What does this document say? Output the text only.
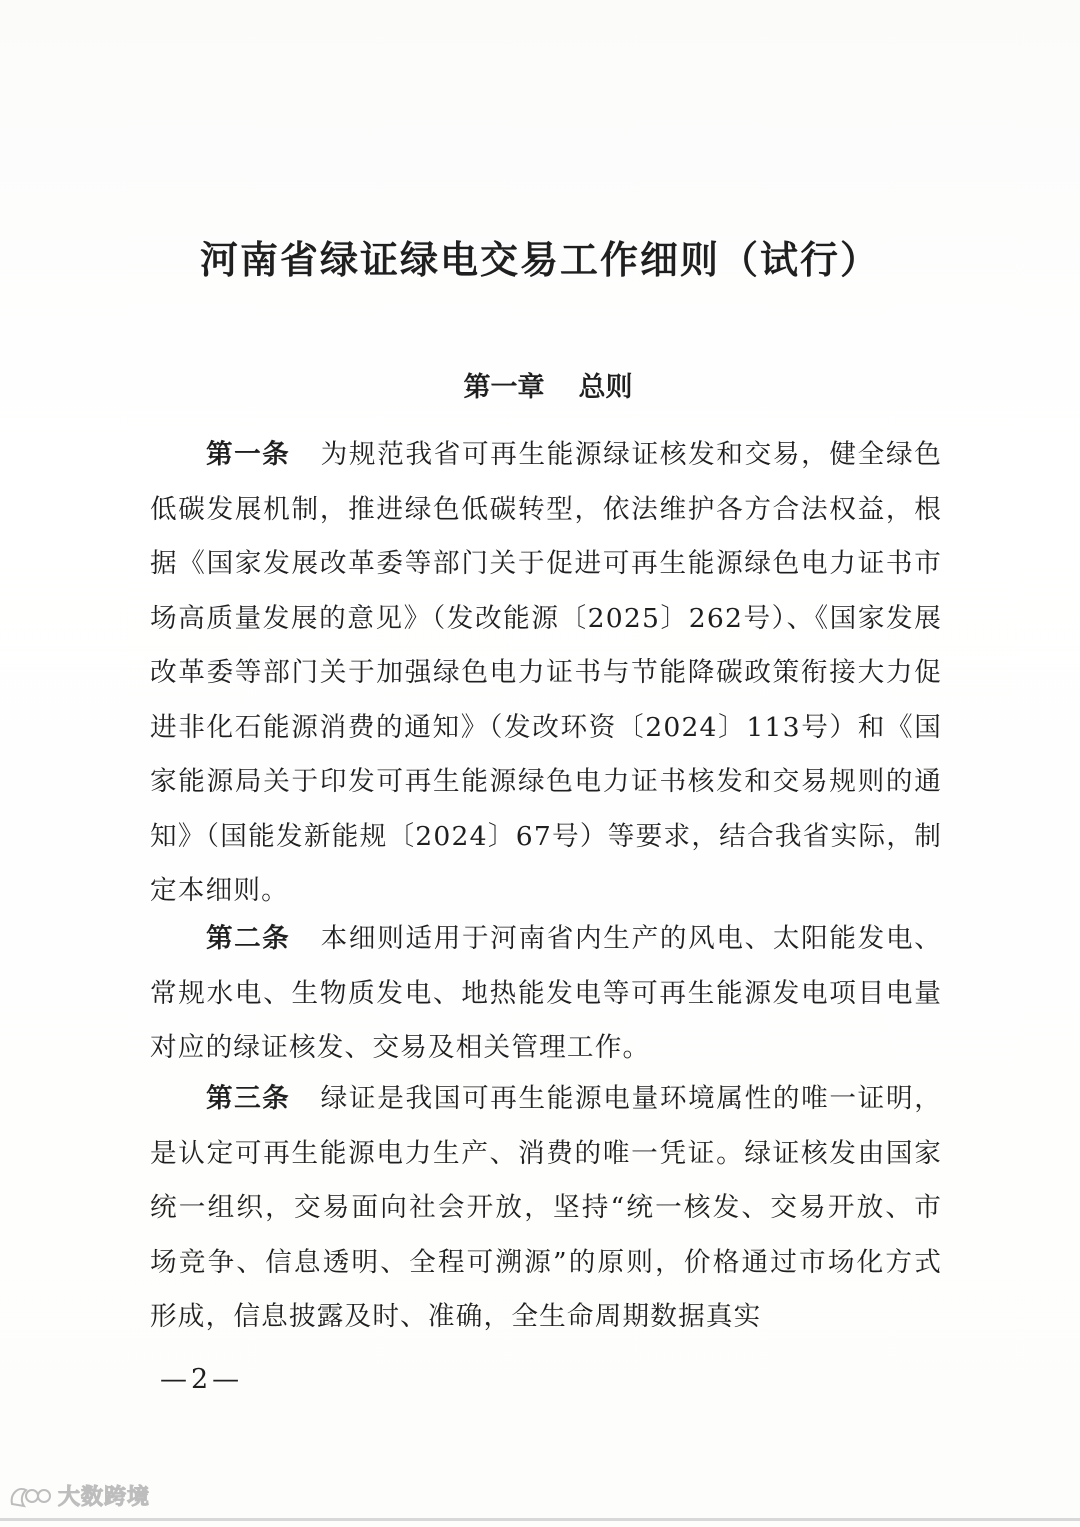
河南省绿证绿电交易工作细则（试行）
第一章 总则

第一条 为规范我省可再生能源绿证核发和交易，健全绿色低碳发展机制，推进绿色低碳转型，依法维护各方合法权益，根据《国家发展改革委等部门关于促进可再生能源绿色电力证书市场高质量发展的意见》（发改能源〔2025〕262号）、《国家发展改革委等部门关于加强绿色电力证书与节能降碳政策衔接大力促进非化石能源消费的通知》（发改环资〔2024〕113号）和《国家能源局关于印发可再生能源绿色电力证书核发和交易规则的通知》（国能发新能规〔2024〕67号）等要求，结合我省实际，制定本细则。

第二条 本细则适用于河南省内生产的风电、太阳能发电、常规水电、生物质发电、地热能发电等可再生能源发电项目电量对应的绿证核发、交易及相关管理工作。

第三条 绿证是我国可再生能源电量环境属性的唯一证明，是认定可再生能源电力生产、消费的唯一凭证。绿证核发由国家统一组织，交易面向社会开放，坚持“统一核发、交易开放、市场竞争、信息透明、全程可溯源”的原则，价格通过市场化方式形成，信息披露及时、准确，全生命周期数据真实

—2—
大数跨境
